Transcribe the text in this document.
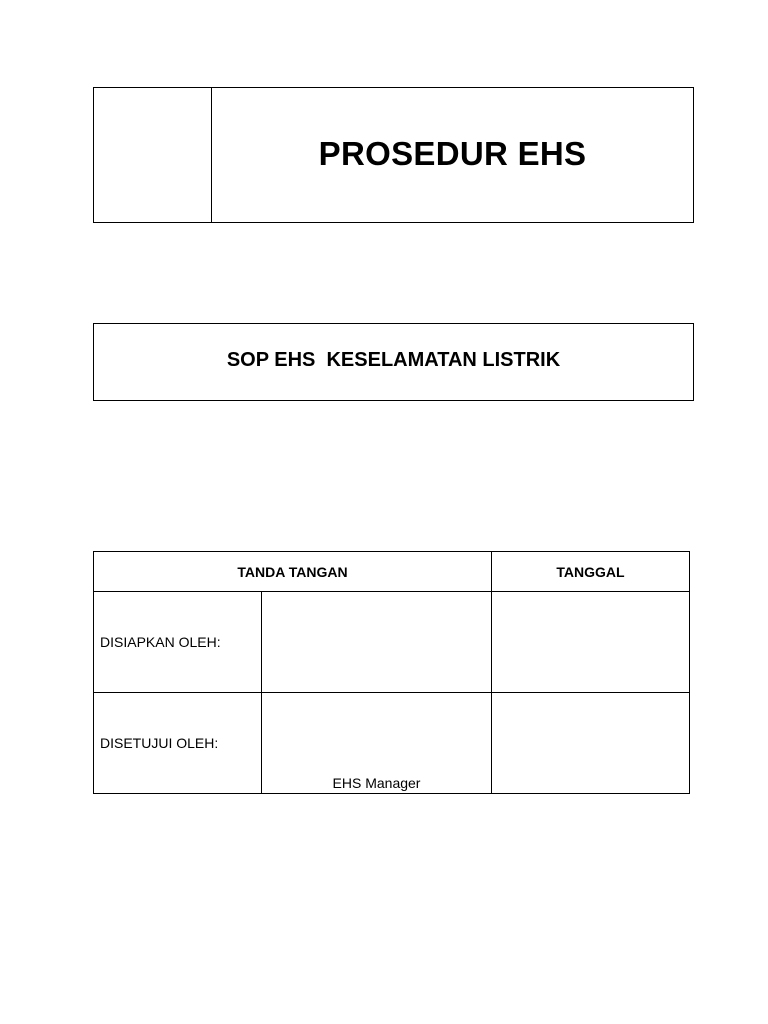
PROSEDUR EHS
SOP EHS  KESELAMATAN LISTRIK
TANDA TANGAN		TANGGAL
DISIAPKAN OLEH:	

DISETUJUI OLEH:	EHS Manager	
